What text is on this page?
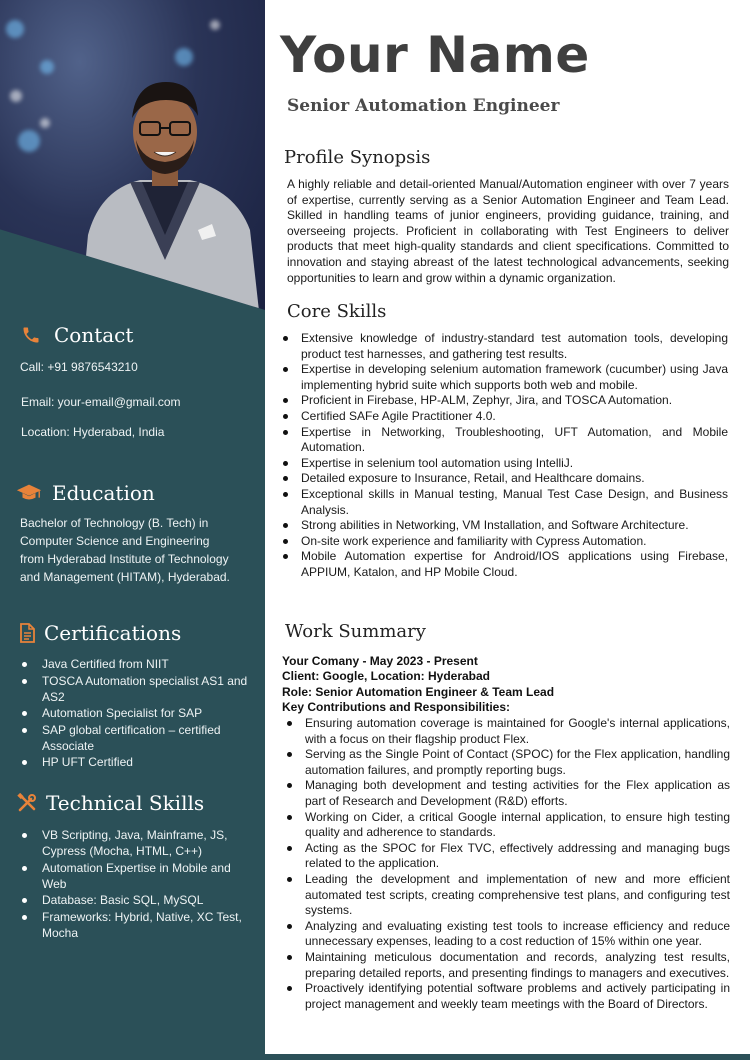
Contact
Call: +91 9876543210
Email: your-email@gmail.com
Location: Hyderabad, India
Education
Bachelor of Technology (B. Tech) in
Computer Science and Engineering
from Hyderabad Institute of Technology
and Management (HITAM), Hyderabad.
Certifications
Java Certified from NIIT
TOSCA Automation specialist AS1 and AS2
Automation Specialist for SAP
SAP global certification – certified Associate
HP UFT Certified
Technical Skills
VB Scripting, Java, Mainframe, JS, Cypress (Mocha, HTML, C++)
Automation Expertise in Mobile and Web
Database: Basic SQL, MySQL
Frameworks: Hybrid, Native, XC Test, Mocha
Your Name
Senior Automation Engineer
Profile Synopsis
A highly reliable and detail-oriented Manual/Automation engineer with over 7 years of expertise, currently serving as a Senior Automation Engineer and Team Lead. Skilled in handling teams of junior engineers, providing guidance, training, and overseeing projects. Proficient in collaborating with Test Engineers to deliver products that meet high-quality standards and client specifications. Committed to innovation and staying abreast of the latest technological advancements, seeking opportunities to learn and grow within a dynamic organization.
Core Skills
Extensive knowledge of industry-standard test automation tools, developing product test harnesses, and gathering test results.
Expertise in developing selenium automation framework (cucumber) using Java implementing hybrid suite which supports both web and mobile.
Proficient in Firebase, HP-ALM, Zephyr, Jira, and TOSCA Automation.
Certified SAFe Agile Practitioner 4.0.
Expertise in Networking, Troubleshooting, UFT Automation, and Mobile Automation.
Expertise in selenium tool automation using IntelliJ.
Detailed exposure to Insurance, Retail, and Healthcare domains.
Exceptional skills in Manual testing, Manual Test Case Design, and Business Analysis.
Strong abilities in Networking, VM Installation, and Software Architecture.
On-site work experience and familiarity with Cypress Automation.
Mobile Automation expertise for Android/IOS applications using Firebase, APPIUM, Katalon, and HP Mobile Cloud.
Work Summary
Your Comany - May 2023 - Present
Client: Google, Location: Hyderabad
Role: Senior Automation Engineer & Team Lead
Key Contributions and Responsibilities:
Ensuring automation coverage is maintained for Google's internal applications, with a focus on their flagship product Flex.
Serving as the Single Point of Contact (SPOC) for the Flex application, handling automation failures, and promptly reporting bugs.
Managing both development and testing activities for the Flex application as part of Research and Development (R&D) efforts.
Working on Cider, a critical Google internal application, to ensure high testing quality and adherence to standards.
Acting as the SPOC for Flex TVC, effectively addressing and managing bugs related to the application.
Leading the development and implementation of new and more efficient automated test scripts, creating comprehensive test plans, and configuring test systems.
Analyzing and evaluating existing test tools to increase efficiency and reduce unnecessary expenses, leading to a cost reduction of 15% within one year.
Maintaining meticulous documentation and records, analyzing test results, preparing detailed reports, and presenting findings to managers and executives.
Proactively identifying potential software problems and actively participating in project management and weekly team meetings with the Board of Directors.
